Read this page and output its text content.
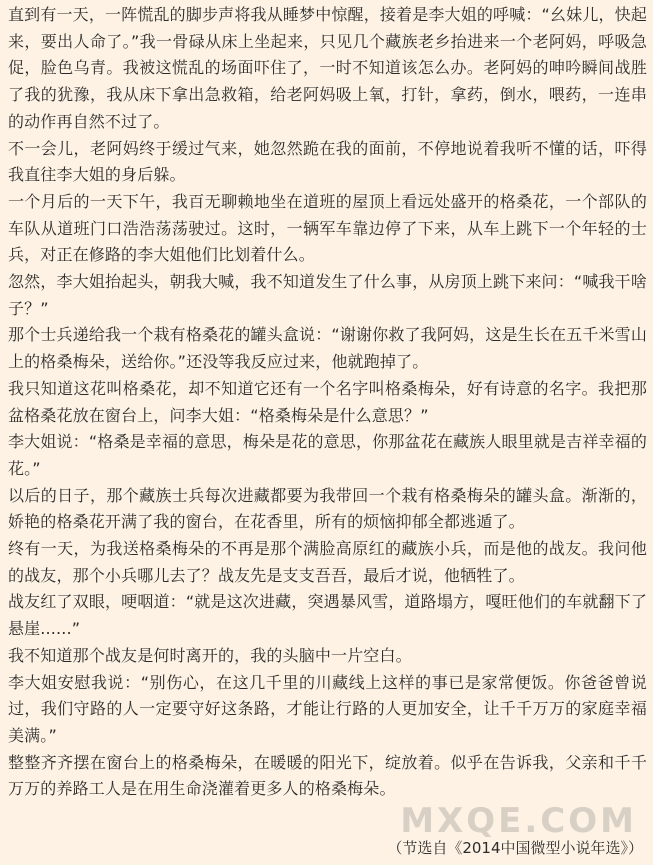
直到有一天，一阵慌乱的脚步声将我从睡梦中惊醒，接着是李大姐的呼喊：“幺妹儿，快起来，要出人命了。”我一骨碌从床上坐起来，只见几个藏族老乡抬进来一个老阿妈，呼吸急促，脸色乌青。我被这慌乱的场面吓住了，一时不知道该怎么办。老阿妈的呻吟瞬间战胜了我的犹豫，我从床下拿出急救箱，给老阿妈吸上氧，打针，拿药，倒水，喂药，一连串的动作再自然不过了。

不一会儿，老阿妈终于缓过气来，她忽然跪在我的面前，不停地说着我听不懂的话，吓得我直往李大姐的身后躲。

一个月后的一天下午，我百无聊赖地坐在道班的屋顶上看远处盛开的格桑花，一个部队的车队从道班门口浩浩荡荡驶过。这时，一辆军车靠边停了下来，从车上跳下一个年轻的士兵，对正在修路的李大姐他们比划着什么。

忽然，李大姐抬起头，朝我大喊，我不知道发生了什么事，从房顶上跳下来问：“喊我干啥子？”

那个士兵递给我一个栽有格桑花的罐头盒说：“谢谢你救了我阿妈，这是生长在五千米雪山上的格桑梅朵，送给你。”还没等我反应过来，他就跑掉了。

我只知道这花叫格桑花，却不知道它还有一个名字叫格桑梅朵，好有诗意的名字。我把那盆格桑花放在窗台上，问李大姐：“格桑梅朵是什么意思？”

李大姐说：“格桑是幸福的意思，梅朵是花的意思，你那盆花在藏族人眼里就是吉祥幸福的花。”

以后的日子，那个藏族士兵每次进藏都要为我带回一个栽有格桑梅朵的罐头盒。渐渐的，娇艳的格桑花开满了我的窗台，在花香里，所有的烦恼抑郁全都逃遁了。

终有一天，为我送格桑梅朵的不再是那个满脸高原红的藏族小兵，而是他的战友。我问他的战友，那个小兵哪儿去了？战友先是支支吾吾，最后才说，他牺牲了。

战友红了双眼，哽咽道：“就是这次进藏，突遇暴风雪，道路塌方，嘎旺他们的车就翻下了悬崖......”

我不知道那个战友是何时离开的，我的头脑中一片空白。

李大姐安慰我说：“别伤心，在这几千里的川藏线上这样的事已是家常便饭。你爸爸曾说过，我们守路的人一定要守好这条路，才能让行路的人更加安全，让千千万万的家庭幸福美满。”

整整齐齐摆在窗台上的格桑梅朵，在暖暖的阳光下，绽放着。似乎在告诉我，父亲和千千万万的养路工人是在用生命浇灌着更多人的格桑梅朵。

MXQE.COM
（节选自《2014中国微型小说年选》）
